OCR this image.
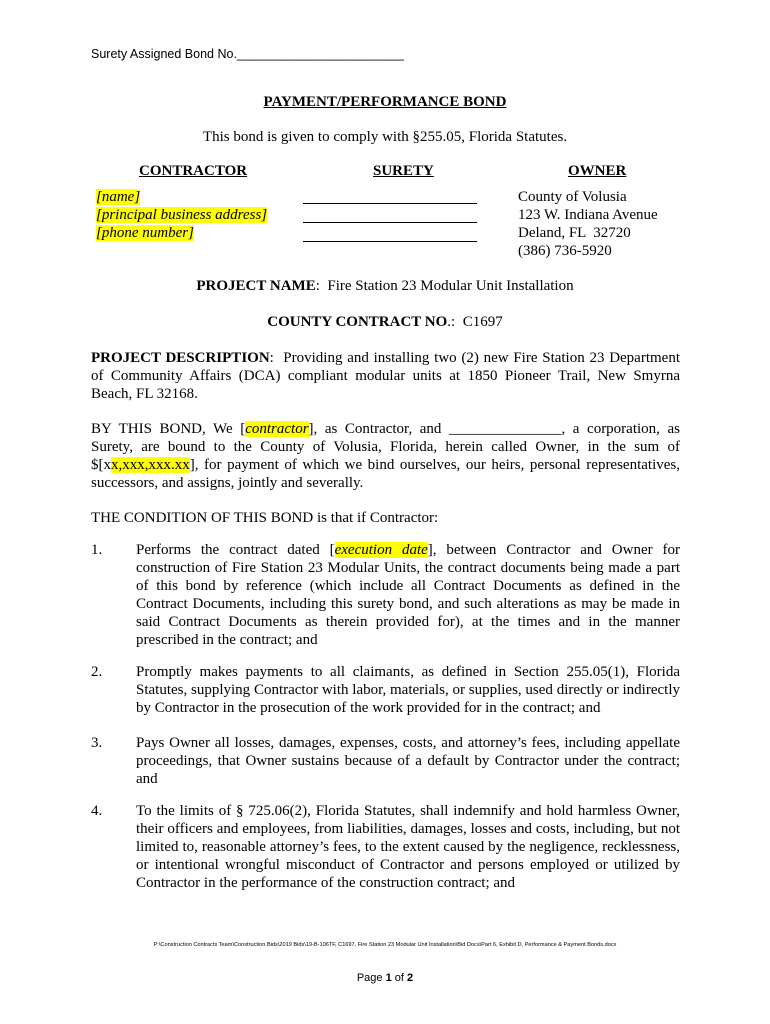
Surety Assigned Bond No.________________________
PAYMENT/PERFORMANCE BOND
This bond is given to comply with §255.05, Florida Statutes.
CONTRACTOR	SURETY	OWNER
[name]
[principal business address]
[phone number]
County of Volusia
123 W. Indiana Avenue
Deland, FL  32720
(386) 736-5920
PROJECT NAME:  Fire Station 23 Modular Unit Installation
COUNTY CONTRACT NO.:  C1697
PROJECT DESCRIPTION:  Providing and installing two (2) new Fire Station 23 Department of Community Affairs (DCA) compliant modular units at 1850 Pioneer Trail, New Smyrna Beach, FL 32168.
BY THIS BOND, We [contractor], as Contractor, and _______________, a corporation, as Surety, are bound to the County of Volusia, Florida, herein called Owner, in the sum of $[xx,xxx,xxx.xx], for payment of which we bind ourselves, our heirs, personal representatives, successors, and assigns, jointly and severally.
THE CONDITION OF THIS BOND is that if Contractor:
1. Performs the contract dated [execution date], between Contractor and Owner for construction of Fire Station 23 Modular Units, the contract documents being made a part of this bond by reference (which include all Contract Documents as defined in the Contract Documents, including this surety bond, and such alterations as may be made in said Contract Documents as therein provided for), at the times and in the manner prescribed in the contract; and
2. Promptly makes payments to all claimants, as defined in Section 255.05(1), Florida Statutes, supplying Contractor with labor, materials, or supplies, used directly or indirectly by Contractor in the prosecution of the work provided for in the contract; and
3. Pays Owner all losses, damages, expenses, costs, and attorney’s fees, including appellate proceedings, that Owner sustains because of a default by Contractor under the contract; and
4. To the limits of § 725.06(2), Florida Statutes, shall indemnify and hold harmless Owner, their officers and employees, from liabilities, damages, losses and costs, including, but not limited to, reasonable attorney’s fees, to the extent caused by the negligence, recklessness, or intentional wrongful misconduct of Contractor and persons employed or utilized by Contractor in the performance of the construction contract; and
P:\Construction Contracts Team\Construction Bids\2019 Bids\19-B-106TF, C1697, Fire Station 23 Modular Unit Installation\Bid Docs\Part 6, Exhibit D, Performance & Payment Bonds.docx
Page 1 of 2
